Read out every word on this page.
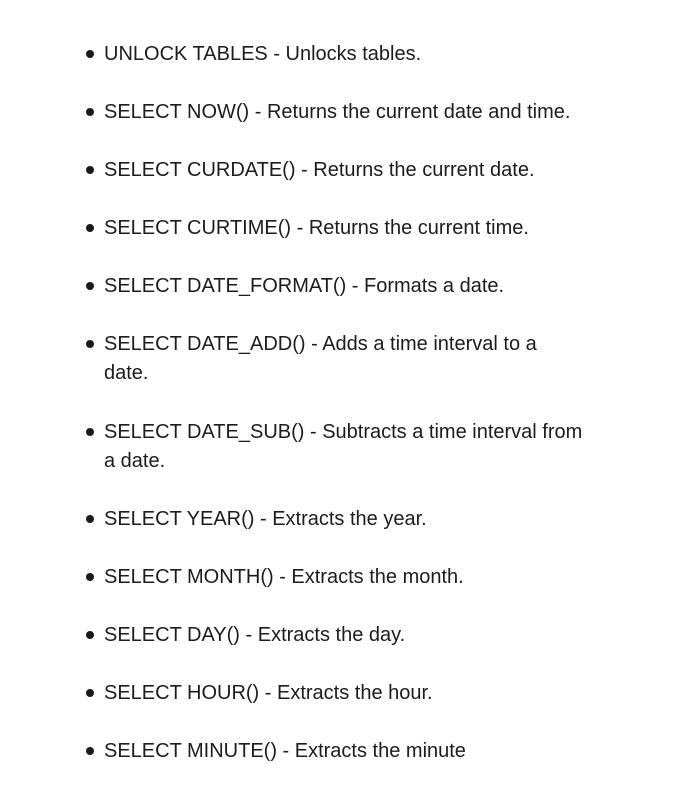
UNLOCK TABLES - Unlocks tables.
SELECT NOW() - Returns the current date and time.
SELECT CURDATE() - Returns the current date.
SELECT CURTIME() - Returns the current time.
SELECT DATE_FORMAT() - Formats a date.
SELECT DATE_ADD() - Adds a time interval to a date.
SELECT DATE_SUB() - Subtracts a time interval from a date.
SELECT YEAR() - Extracts the year.
SELECT MONTH() - Extracts the month.
SELECT DAY() - Extracts the day.
SELECT HOUR() - Extracts the hour.
SELECT MINUTE() - Extracts the minute
